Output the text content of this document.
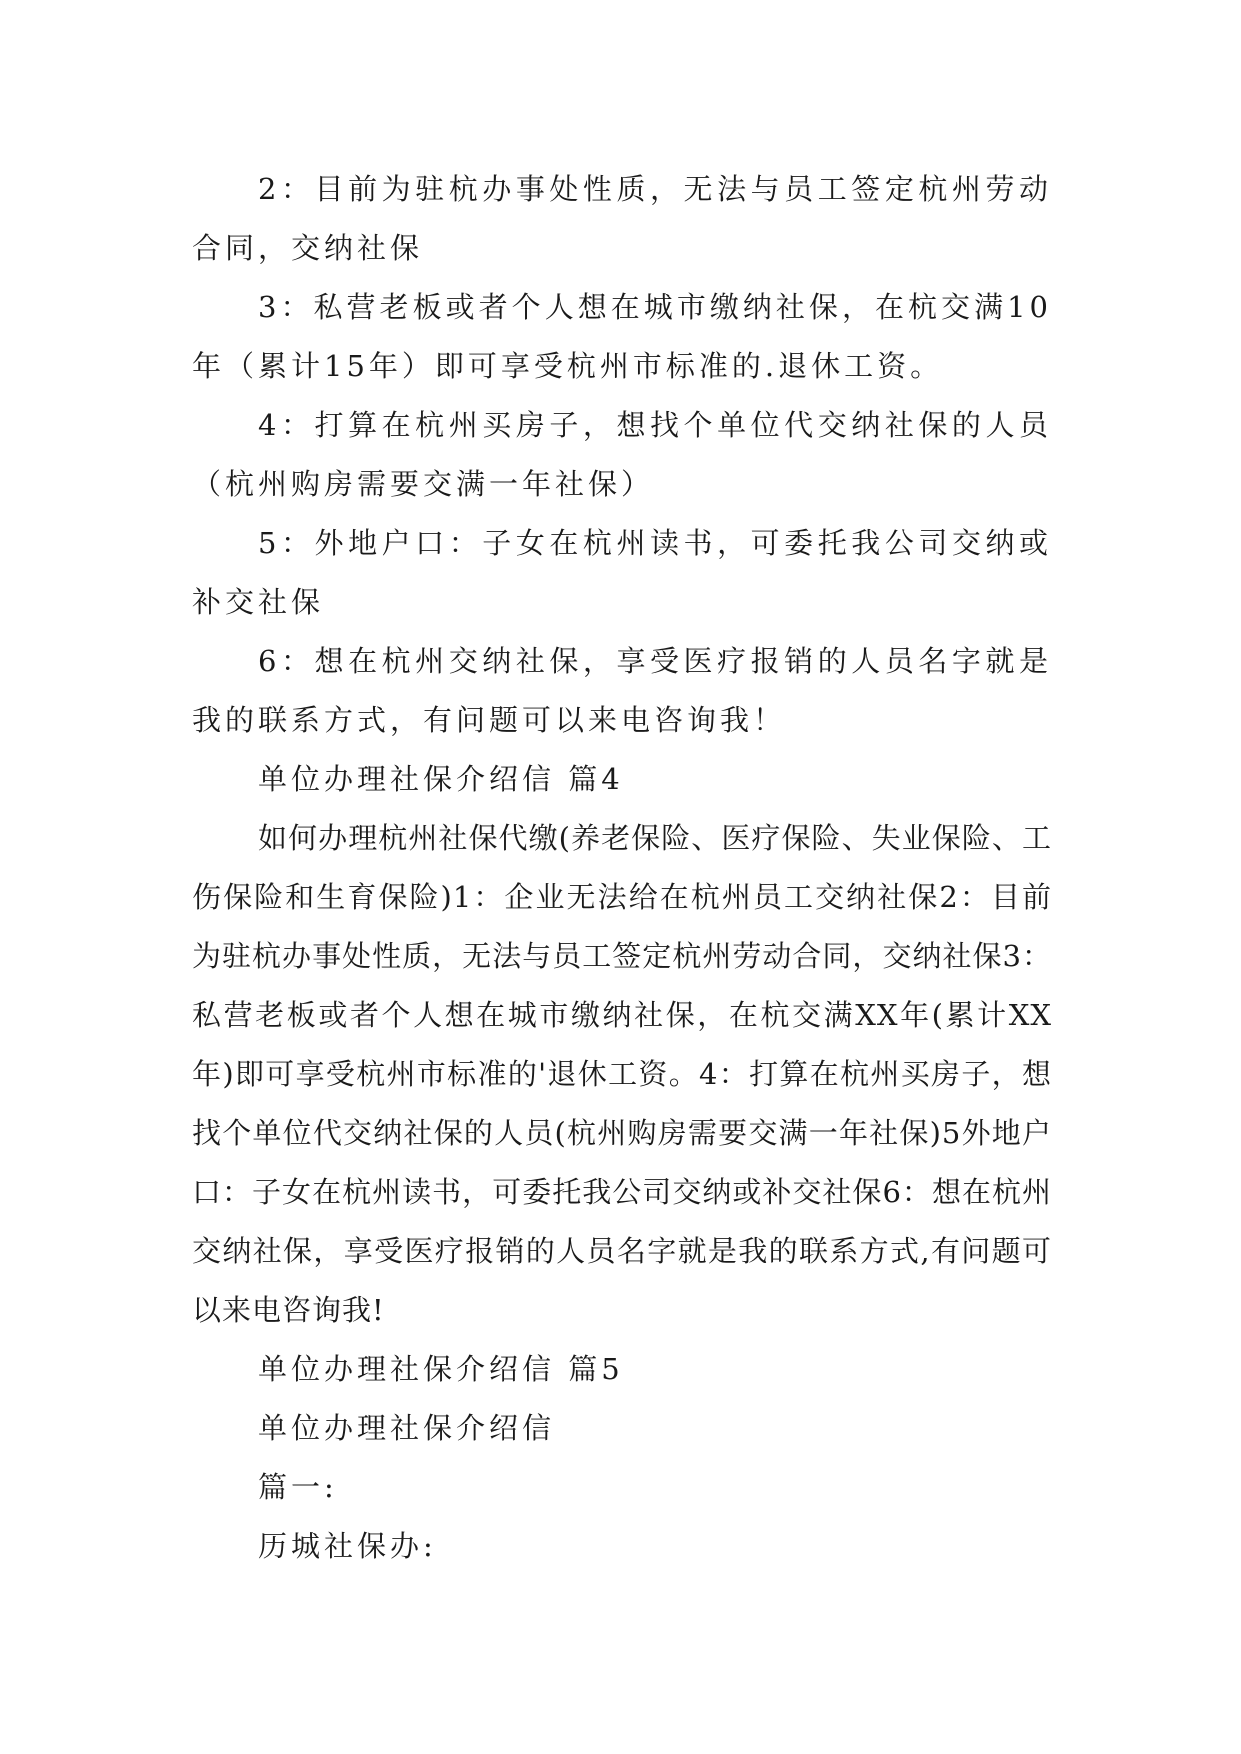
2：目前为驻杭办事处性质，无法与员工签定杭州劳动合同，交纳社保

3：私营老板或者个人想在城市缴纳社保，在杭交满10年（累计15年）即可享受杭州市标准的.退休工资。

4：打算在杭州买房子，想找个单位代交纳社保的人员（杭州购房需要交满一年社保）

5：外地户口：子女在杭州读书，可委托我公司交纳或补交社保

6：想在杭州交纳社保，享受医疗报销的人员名字就是我的联系方式，有问题可以来电咨询我！

单位办理社保介绍信 篇4

如何办理杭州社保代缴(养老保险、医疗保险、失业保险、工伤保险和生育保险)1：企业无法给在杭州员工交纳社保2：目前为驻杭办事处性质，无法与员工签定杭州劳动合同，交纳社保3：私营老板或者个人想在城市缴纳社保，在杭交满XX年(累计XX年)即可享受杭州市标准的'退休工资。4：打算在杭州买房子，想找个单位代交纳社保的人员(杭州购房需要交满一年社保)5外地户口：子女在杭州读书，可委托我公司交纳或补交社保6：想在杭州交纳社保，享受医疗报销的人员名字就是我的联系方式,有问题可以来电咨询我!

单位办理社保介绍信 篇5

单位办理社保介绍信

篇一:

历城社保办:
